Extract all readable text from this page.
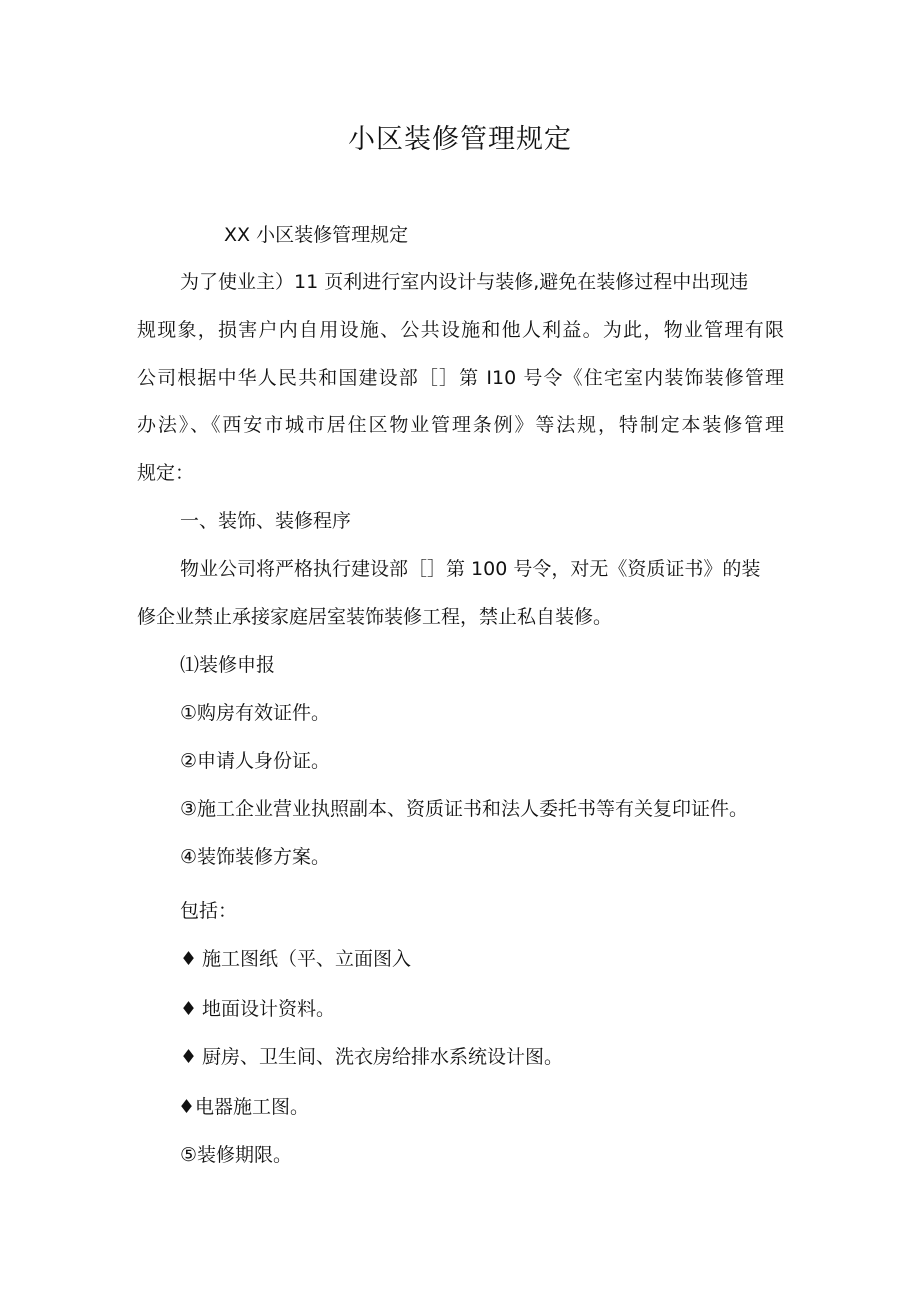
小区装修管理规定
XX 小区装修管理规定
为了使业主）11 页利进行室内设计与装修,避免在装修过程中出现违
规现象，损害户内自用设施、公共设施和他人利益。为此，物业管理有限
公司根据中华人民共和国建设部［］第 I10 号令《住宅室内装饰装修管理
办法》、《西安市城市居住区物业管理条例》等法规，特制定本装修管理
规定：
一、装饰、装修程序
物业公司将严格执行建设部［］第 100 号令，对无《资质证书》的装
修企业禁止承接家庭居室装饰装修工程，禁止私自装修。
⑴装修申报
①购房有效证件。
②申请人身份证。
③施工企业营业执照副本、资质证书和法人委托书等有关复印证件。
④装饰装修方案。
包括：
♦ 施工图纸（平、立面图入
♦ 地面设计资料。
♦ 厨房、卫生间、洗衣房给排水系统设计图。
♦电器施工图。
⑤装修期限。
